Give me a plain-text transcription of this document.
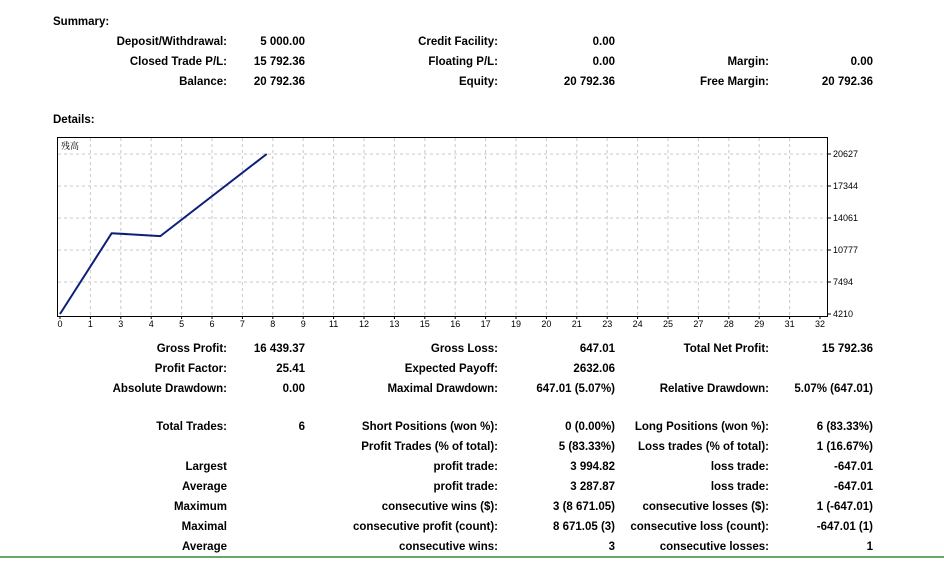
Summary:
Deposit/Withdrawal:	5 000.00	Credit Facility:	0.00
Closed Trade P/L: 15 792.36	Floating P/L:	0.00	Margin:	0.00
Balance: 20 792.36	Equity:	20 792.36	Free Margin:	20 792.36
Details:
0	1	3	4	5	6	7	8	9	11 12 13 15 16 17 19 20 21 23 24 25 27 28 29 31 32
20627
17344
14061
10777
7494
4210
残高
Gross Profit: 16 439.37	Gross Loss:	647.01	Total Net Profit:	15 792.36
Profit Factor:	25.41	Expected Payoff:	2632.06
Absolute Drawdown:	0.00	Maximal Drawdown:	647.01 (5.07%)	Relative Drawdown: 5.07% (647.01)
Total Trades:	6	Short Positions (won %):	0 (0.00%) Long Positions (won %):	6 (83.33%)
Profit Trades (% of total):	5 (83.33%) Loss trades (% of total):	1 (16.67%)
Largest	profit trade:	3 994.82	loss trade:	-647.01
Average	profit trade:	3 287.87	loss trade:	-647.01
Maximum	consecutive wins ($):	3 (8 671.05) consecutive losses ($):	1 (-647.01)
Maximal	consecutive profit (count):	8 671.05 (3) consecutive loss (count):	-647.01 (1)
Average	consecutive wins:	3	consecutive losses:	1
